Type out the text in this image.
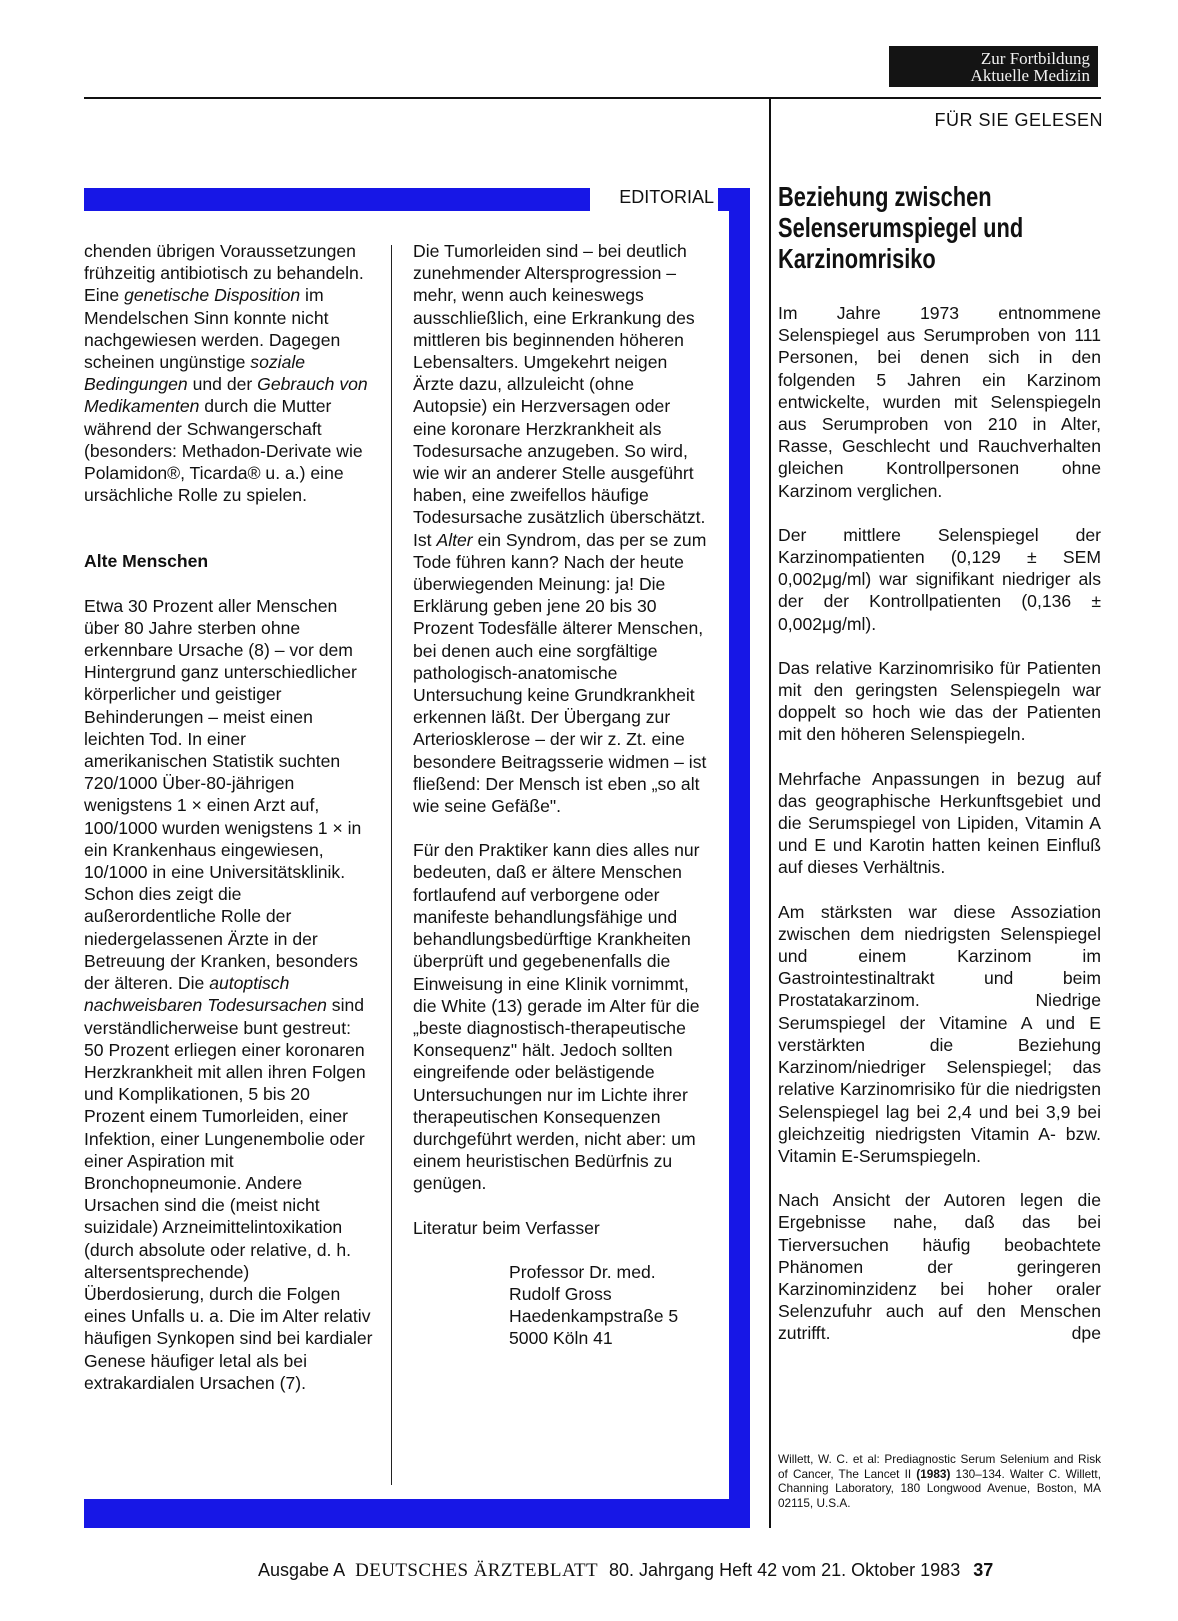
Zur Fortbildung
Aktuelle Medizin
FÜR SIE GELESEN
EDITORIAL

chenden übrigen Voraussetzungen frühzeitig antibiotisch zu behandeln. Eine genetische Disposition im Mendelschen Sinn konnte nicht nachgewiesen werden. Dagegen scheinen ungünstige soziale Bedingungen und der Gebrauch von Medikamenten durch die Mutter während der Schwangerschaft (besonders: Methadon-Derivate wie Polamidon®, Ticarda® u. a.) eine ursächliche Rolle zu spielen.

Alte Menschen

Etwa 30 Prozent aller Menschen über 80 Jahre sterben ohne erkennbare Ursache (8) – vor dem Hintergrund ganz unterschiedlicher körperlicher und geistiger Behinderungen – meist einen leichten Tod. In einer amerikanischen Statistik suchten 720/1000 Über-80-jährigen wenigstens 1 × einen Arzt auf, 100/1000 wurden wenigstens 1 × in ein Krankenhaus eingewiesen, 10/1000 in eine Universitätsklinik. Schon dies zeigt die außerordentliche Rolle der niedergelassenen Ärzte in der Betreuung der Kranken, besonders der älteren. Die autoptisch nachweisbaren Todesursachen sind verständlicherweise bunt gestreut: 50 Prozent erliegen einer koronaren Herzkrankheit mit allen ihren Folgen und Komplikationen, 5 bis 20 Prozent einem Tumorleiden, einer Infektion, einer Lungenembolie oder einer Aspiration mit Bronchopneumonie. Andere Ursachen sind die (meist nicht suizidale) Arzneimittelintoxikation (durch absolute oder relative, d. h. altersentsprechende) Überdosierung, durch die Folgen eines Unfalls u. a. Die im Alter relativ häufigen Synkopen sind bei kardialer Genese häufiger letal als bei extrakardialen Ursachen (7).

Die Tumorleiden sind – bei deutlich zunehmender Altersprogression – mehr, wenn auch keineswegs ausschließlich, eine Erkrankung des mittleren bis beginnenden höheren Lebensalters. Umgekehrt neigen Ärzte dazu, allzuleicht (ohne Autopsie) ein Herzversagen oder eine koronare Herzkrankheit als Todesursache anzugeben. So wird, wie wir an anderer Stelle ausgeführt haben, eine zweifellos häufige Todesursache zusätzlich überschätzt. Ist Alter ein Syndrom, das per se zum Tode führen kann? Nach der heute überwiegenden Meinung: ja! Die Erklärung geben jene 20 bis 30 Prozent Todesfälle älterer Menschen, bei denen auch eine sorgfältige pathologisch-anatomische Untersuchung keine Grundkrankheit erkennen läßt. Der Übergang zur Arteriosklerose – der wir z. Zt. eine besondere Beitragsserie widmen – ist fließend: Der Mensch ist eben „so alt wie seine Gefäße".

Für den Praktiker kann dies alles nur bedeuten, daß er ältere Menschen fortlaufend auf verborgene oder manifeste behandlungsfähige und behandlungsbedürftige Krankheiten überprüft und gegebenenfalls die Einweisung in eine Klinik vornimmt, die White (13) gerade im Alter für die „beste diagnostisch-therapeutische Konsequenz" hält. Jedoch sollten eingreifende oder belästigende Untersuchungen nur im Lichte ihrer therapeutischen Konsequenzen durchgeführt werden, nicht aber: um einem heuristischen Bedürfnis zu genügen.

Literatur beim Verfasser

Professor Dr. med.

Rudolf Gross

Haedenkampstraße 5

5000 Köln 41

Beziehung zwischen Selenserumspiegel und Karzinomrisiko

Im Jahre 1973 entnommene Selenspiegel aus Serumproben von 111 Personen, bei denen sich in den folgenden 5 Jahren ein Karzinom entwickelte, wurden mit Selenspiegeln aus Serumproben von 210 in Alter, Rasse, Geschlecht und Rauchverhalten gleichen Kontrollpersonen ohne Karzinom verglichen.

Der mittlere Selenspiegel der Karzinompatienten (0,129 ± SEM 0,002μg/ml) war signifikant niedriger als der der Kontrollpatienten (0,136 ± 0,002μg/ml).

Das relative Karzinomrisiko für Patienten mit den geringsten Selenspiegeln war doppelt so hoch wie das der Patienten mit den höheren Selenspiegeln.

Mehrfache Anpassungen in bezug auf das geographische Herkunftsgebiet und die Serumspiegel von Lipiden, Vitamin A und E und Karotin hatten keinen Einfluß auf dieses Verhältnis.

Am stärksten war diese Assoziation zwischen dem niedrigsten Selenspiegel und einem Karzinom im Gastrointestinaltrakt und beim Prostatakarzinom. Niedrige Serumspiegel der Vitamine A und E verstärkten die Beziehung Karzinom/niedriger Selenspiegel; das relative Karzinomrisiko für die niedrigsten Selenspiegel lag bei 2,4 und bei 3,9 bei gleichzeitig niedrigsten Vitamin A- bzw. Vitamin E-Serumspiegeln.

Nach Ansicht der Autoren legen die Ergebnisse nahe, daß das bei Tierversuchen häufig beobachtete Phänomen der geringeren Karzinominzidenz bei hoher oraler Selenzufuhr auch auf den Menschen zutrifft.	dpe

Willett, W. C. et al: Prediagnostic Serum Selenium and Risk of Cancer, The Lancet II (1983) 130–134. Walter C. Willett, Channing Laboratory, 180 Longwood Avenue, Boston, MA 02115, U.S.A.
Ausgabe A DEUTSCHES ÄRZTEBLATT 80. Jahrgang Heft 42 vom 21. Oktober 1983 37
